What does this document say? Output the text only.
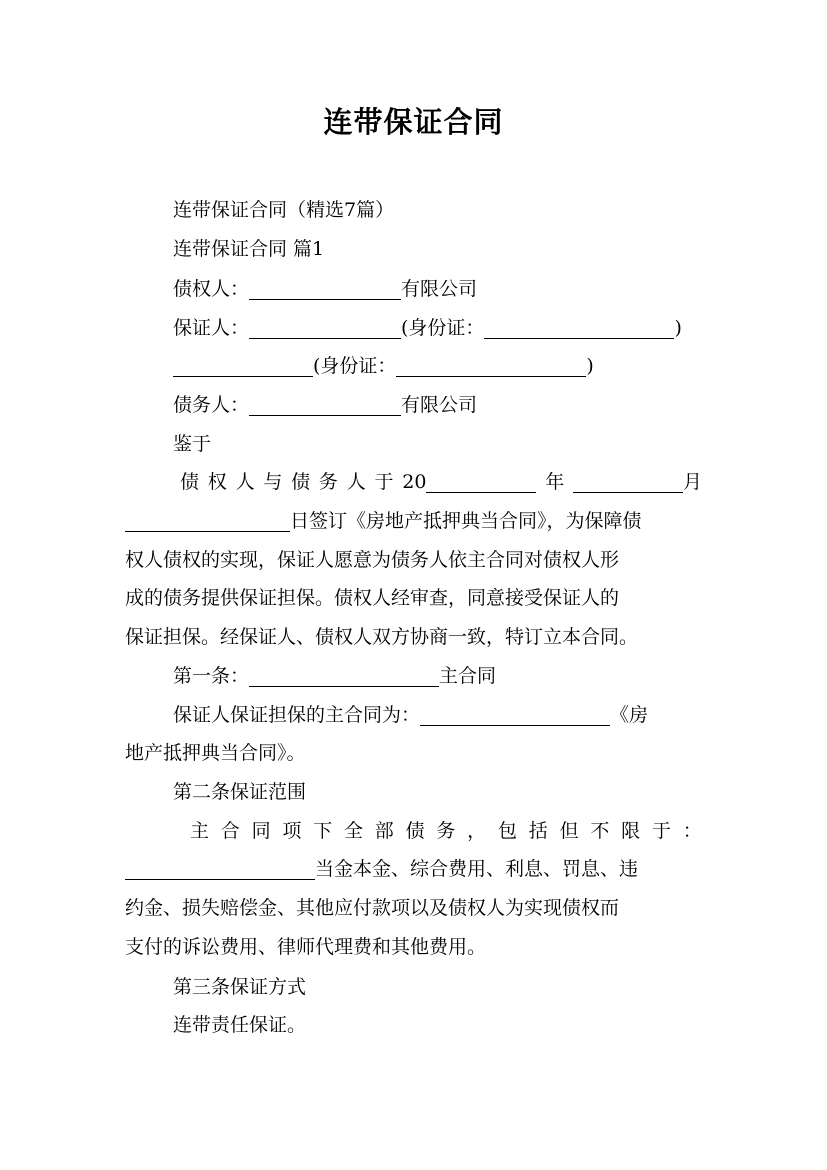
连带保证合同

连带保证合同（精选7篇）

连带保证合同 篇1

债权人：	有限公司

保证人：	(身份证：	)

(身份证：	)

债务人：	有限公司

鉴于

债 权 人 与 债 务 人 于 20	年	月

日签订《房地产抵押典当合同》，为保障债

权人债权的实现，保证人愿意为债务人依主合同对债权人形

成的债务提供保证担保。债权人经审查，同意接受保证人的

保证担保。经保证人、债权人双方协商一致，特订立本合同。

第一条：	主合同

保证人保证担保的主合同为：	《房

地产抵押典当合同》。

第二条保证范围

主 合 同 项 下 全 部 债 务 ， 包 括 但 不 限 于 ：

当金本金、综合费用、利息、罚息、违

约金、损失赔偿金、其他应付款项以及债权人为实现债权而

支付的诉讼费用、律师代理费和其他费用。

第三条保证方式

连带责任保证。
